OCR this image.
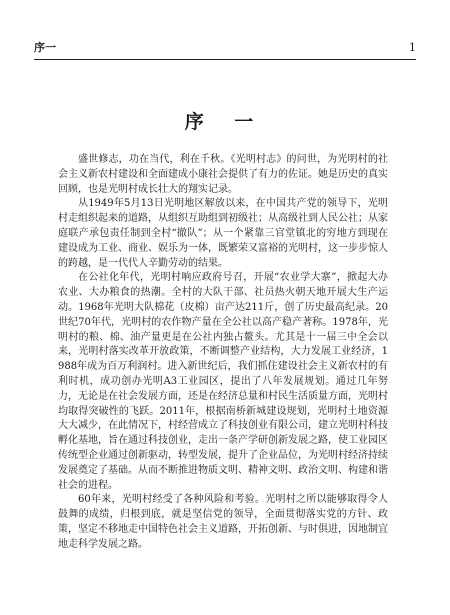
序一	1
序 一

盛世修志，功在当代，利在千秋。《光明村志》的问世，为光明村的社会主义新农村建设和全面建成小康社会提供了有力的佐证。她是历史的真实回顾，也是光明村成长壮大的翔实记录。

从1949年5月13日光明地区解放以来，在中国共产党的领导下，光明村走组织起来的道路，从组织互助组到初级社；从高级社到人民公社；从家庭联产承包责任制到全村“撤队”；从一个紧靠三官堂镇北的穷地方到现在建设成为工业、商业、娱乐为一体，既繁荣又富裕的光明村，这一步步惊人的跨越，是一代代人辛勤劳动的结果。

在公社化年代，光明村响应政府号召，开展“农业学大寨”，掀起大办农业、大办粮食的热潮。全村的大队干部、社员热火朝天地开展大生产运动。1968年光明大队棉花（皮棉）亩产达211斤，创了历史最高纪录。20世纪70年代，光明村的农作物产量在全公社以高产稳产著称。1978年，光明村的粮、棉、油产量更是在公社内独占鳌头。尤其是十一届三中全会以来，光明村落实改革开放政策，不断调整产业结构，大力发展工业经济，1988年成为百万利润村。进入新世纪后，我们抓住建设社会主义新农村的有利时机，成功创办光明A3工业园区，提出了八年发展规划。通过几年努力，无论是在社会发展方面，还是在经济总量和村民生活质量方面，光明村均取得突破性的飞跃。2011年，根据南桥新城建设规划，光明村土地资源大大减少，在此情况下，村经营成立了科技创业有限公司，建立光明村科技孵化基地，旨在通过科技创业，走出一条产学研创新发展之路，使工业园区传统型企业通过创新驱动，转型发展，提升了企业品位，为光明村经济持续发展奠定了基础。从而不断推进物质文明、精神文明、政治文明、构建和谐社会的进程。

60年来，光明村经受了各种风险和考验。光明村之所以能够取得令人鼓舞的成绩，归根到底，就是坚信党的领导，全面贯彻落实党的方针、政策，坚定不移地走中国特色社会主义道路，开拓创新、与时俱进，因地制宜地走科学发展之路。
